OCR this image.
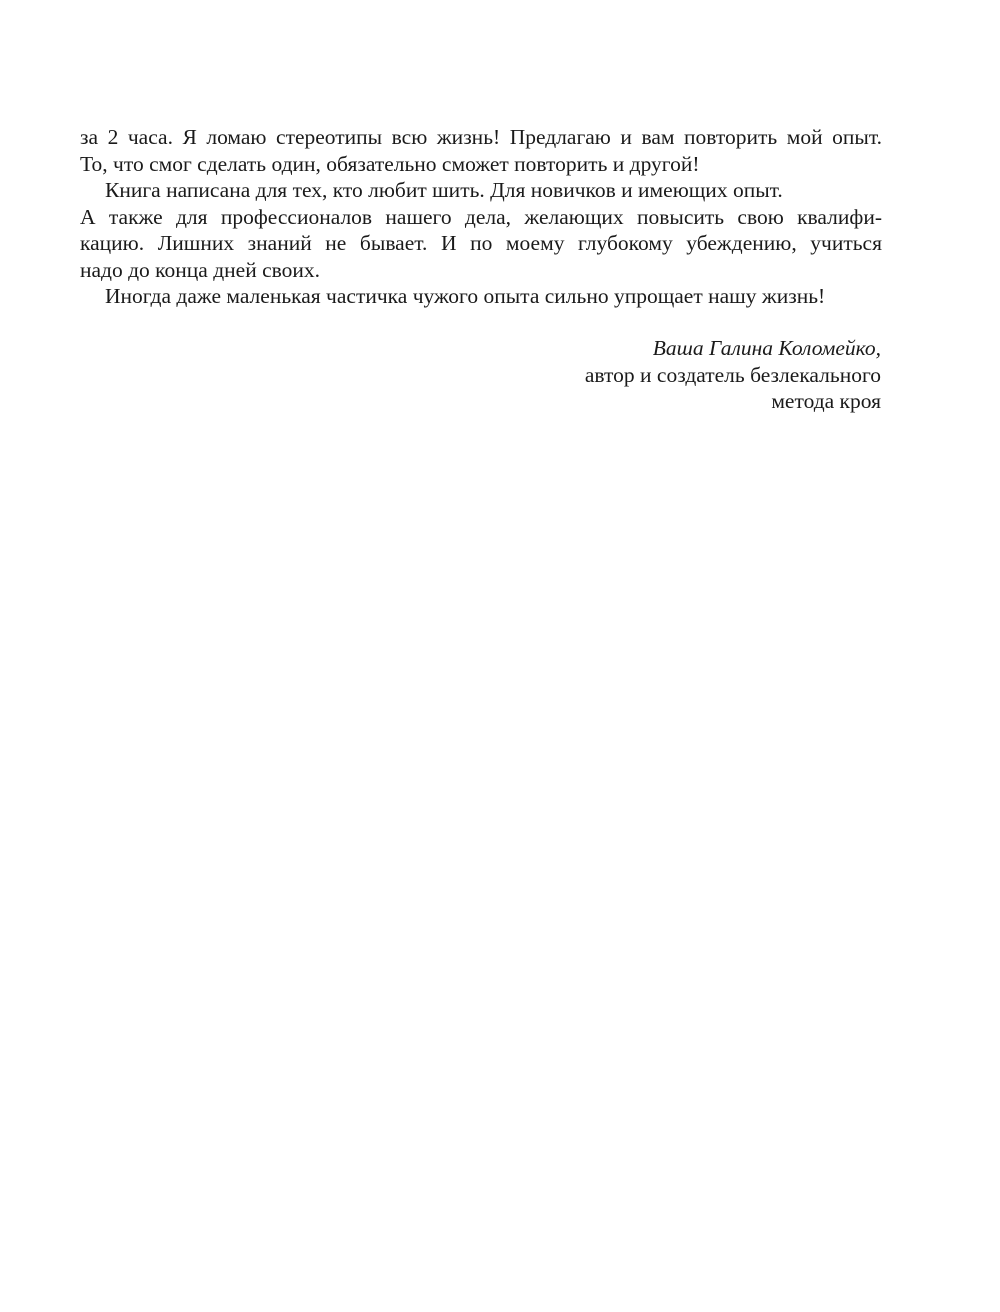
за 2 часа. Я ломаю стереотипы всю жизнь! Предлагаю и вам повторить мой опыт.
То, что смог сделать один, обязательно сможет повторить и другой!
Книга написана для тех, кто любит шить. Для новичков и имеющих опыт.
А также для профессионалов нашего дела, желающих повысить свою квалифи-
кацию. Лишних знаний не бывает. И по моему глубокому убеждению, учиться
надо до конца дней своих.
Иногда даже маленькая частичка чужого опыта сильно упрощает нашу жизнь!
Ваша Галина Коломейко,
автор и создатель безлекального
метода кроя
